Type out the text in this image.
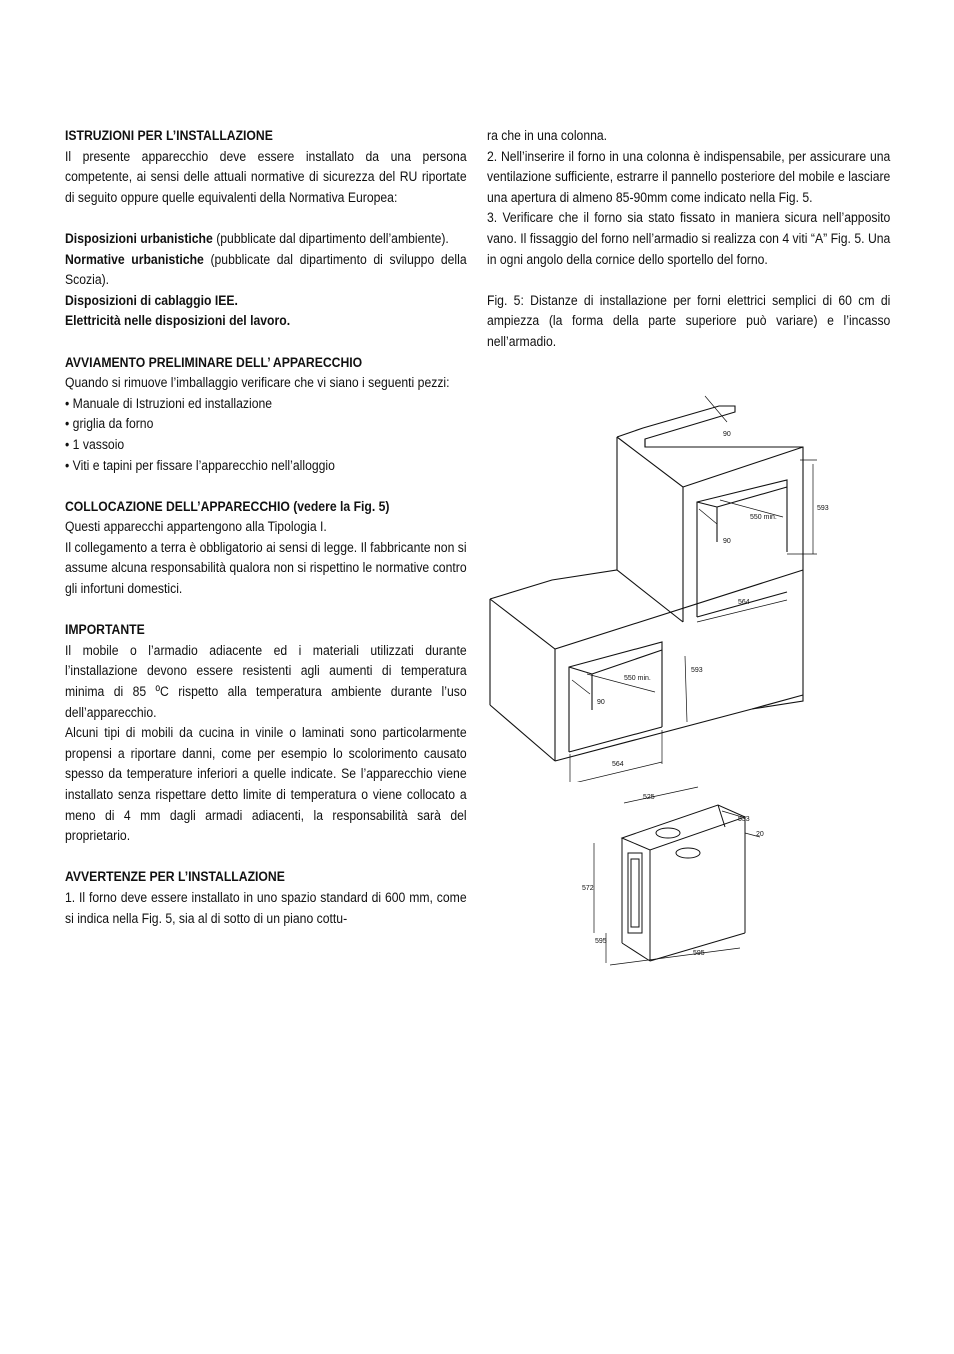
ISTRUZIONI PER L’INSTALLAZIONE

Il presente apparecchio deve essere installato da una persona competente, ai sensi delle attuali normative di sicurezza del RU riportate di seguito oppure quelle equivalenti della Normativa Europea:

Disposizioni urbanistiche (pubblicate dal dipartimento dell’ambiente).

Normative urbanistiche (pubblicate dal dipartimento di sviluppo della Scozia).

Disposizioni di cablaggio IEE.

Elettricità nelle disposizioni del lavoro.

AVVIAMENTO PRELIMINARE DELL’ APPARECCHIO

Quando si rimuove l’imballaggio verificare che vi siano i seguenti pezzi:

• Manuale di Istruzioni ed installazione

• griglia da forno

• 1 vassoio

• Viti e tapini per fissare l’apparecchio nell’alloggio

COLLOCAZIONE DELL’APPARECCHIO (vedere la Fig. 5)

Questi apparecchi appartengono alla Tipologia I.

Il collegamento a terra è obbligatorio ai sensi di legge. Il fabbricante non si assume alcuna responsabilità qualora non si rispettino le normative contro gli infortuni domestici.

IMPORTANTE

Il mobile o l’armadio adiacente ed i materiali utilizzati durante l’installazione devono essere resistenti agli aumenti di temperatura minima di 85 ºC rispetto alla temperatura ambiente durante l’uso dell’apparecchio.

Alcuni tipi di mobili da cucina in vinile o laminati sono particolarmente propensi a riportare danni, come per esempio lo scolorimento causato spesso da temperature inferiori a quelle indicate. Se l’apparecchio viene installato senza rispettare detto limite di temperatura o viene collocato a meno di 4 mm dagli armadi adiacenti, la responsabilità sarà del proprietario.

AVVERTENZE PER L’INSTALLAZIONE

1. Il forno deve essere installato in uno spazio standard di 600 mm, come si indica nella Fig. 5, sia al di sotto di un piano cottu-

ra che in una colonna.

2. Nell’inserire il forno in una colonna è indispensabile, per assicurare una ventilazione sufficiente, estrarre il pannello posteriore del mobile e lasciare una apertura di almeno 85-90mm come indicato nella Fig. 5.

3. Verificare che il forno sia stato fissato in maniera sicura nell’apposito vano. Il fissaggio del forno nell’armadio si realizza con 4 viti “A” Fig. 5. Una in ogni angolo della cornice dello sportello del forno.

Fig. 5: Distanze di installazione per forni elettrici semplici di 60 cm di ampiezza (la forma della parte superiore può variare) e l’incasso nell’armadio.

90
593
550 min.
90
564
593
550 min.
90
564
525
533
20
572
595
595
